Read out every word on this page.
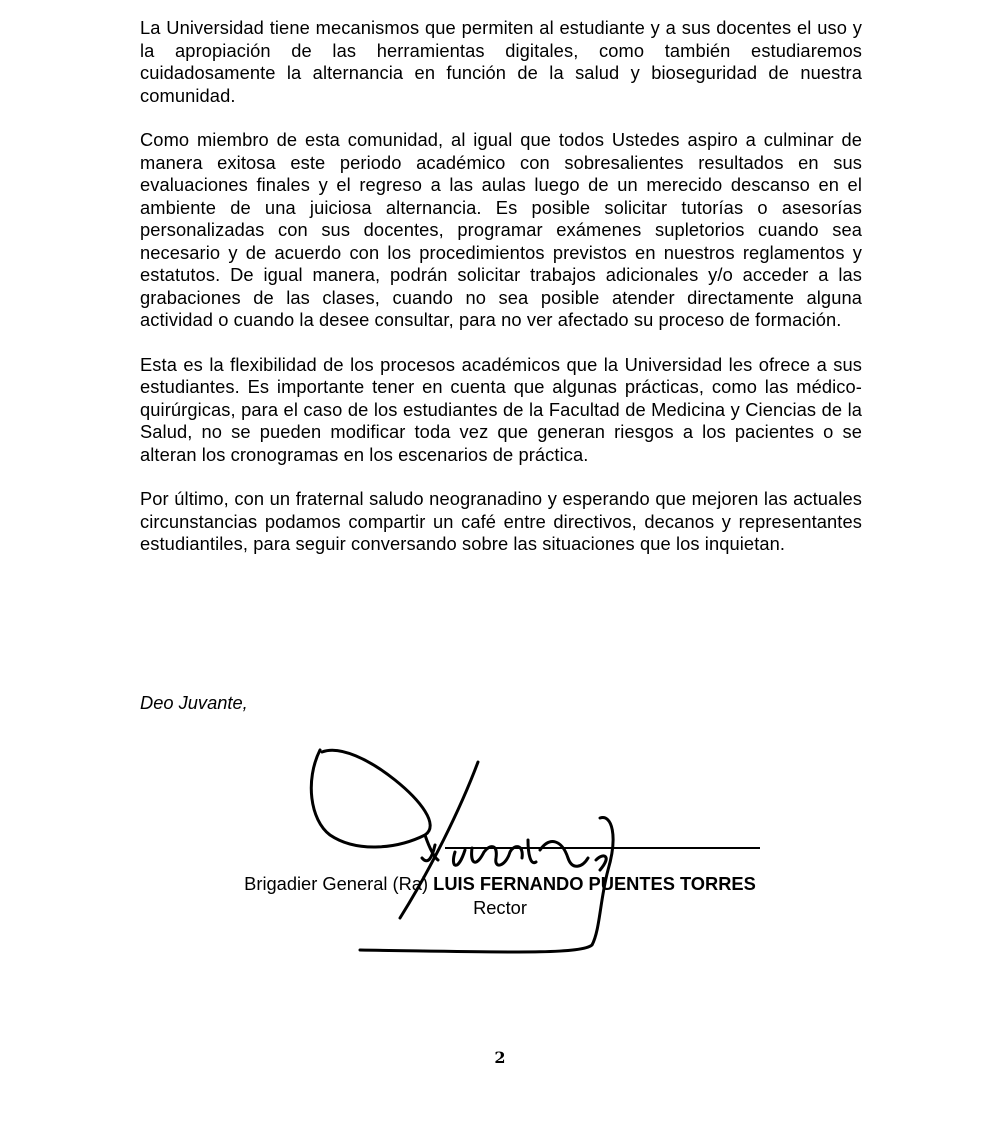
La Universidad tiene mecanismos que permiten al estudiante y a sus docentes el uso y la apropiación de las herramientas digitales, como también estudiaremos cuidadosamente la alternancia en función de la salud y bioseguridad de nuestra comunidad.

Como miembro de esta comunidad, al igual que todos Ustedes aspiro a culminar de manera exitosa este periodo académico con sobresalientes resultados en sus evaluaciones finales y el regreso a las aulas luego de un merecido descanso en el ambiente de una juiciosa alternancia. Es posible solicitar tutorías o asesorías personalizadas con sus docentes, programar exámenes supletorios cuando sea necesario y de acuerdo con los procedimientos previstos en nuestros reglamentos y estatutos. De igual manera, podrán solicitar trabajos adicionales y/o acceder a las grabaciones de las clases, cuando no sea posible atender directamente alguna actividad o cuando la desee consultar, para no ver afectado su proceso de formación.

Esta es la flexibilidad de los procesos académicos que la Universidad les ofrece a sus estudiantes. Es importante tener en cuenta que algunas prácticas, como las médico-quirúrgicas, para el caso de los estudiantes de la Facultad de Medicina y Ciencias de la Salud, no se pueden modificar toda vez que generan riesgos a los pacientes o se alteran los cronogramas en los escenarios de práctica.

Por último, con un fraternal saludo neogranadino y esperando que mejoren las actuales circunstancias podamos compartir un café entre directivos, decanos y representantes estudiantiles, para seguir conversando sobre las situaciones que los inquietan.

Deo Juvante,

Brigadier General (Ra) LUIS FERNANDO PUENTES TORRES

Rector

2
